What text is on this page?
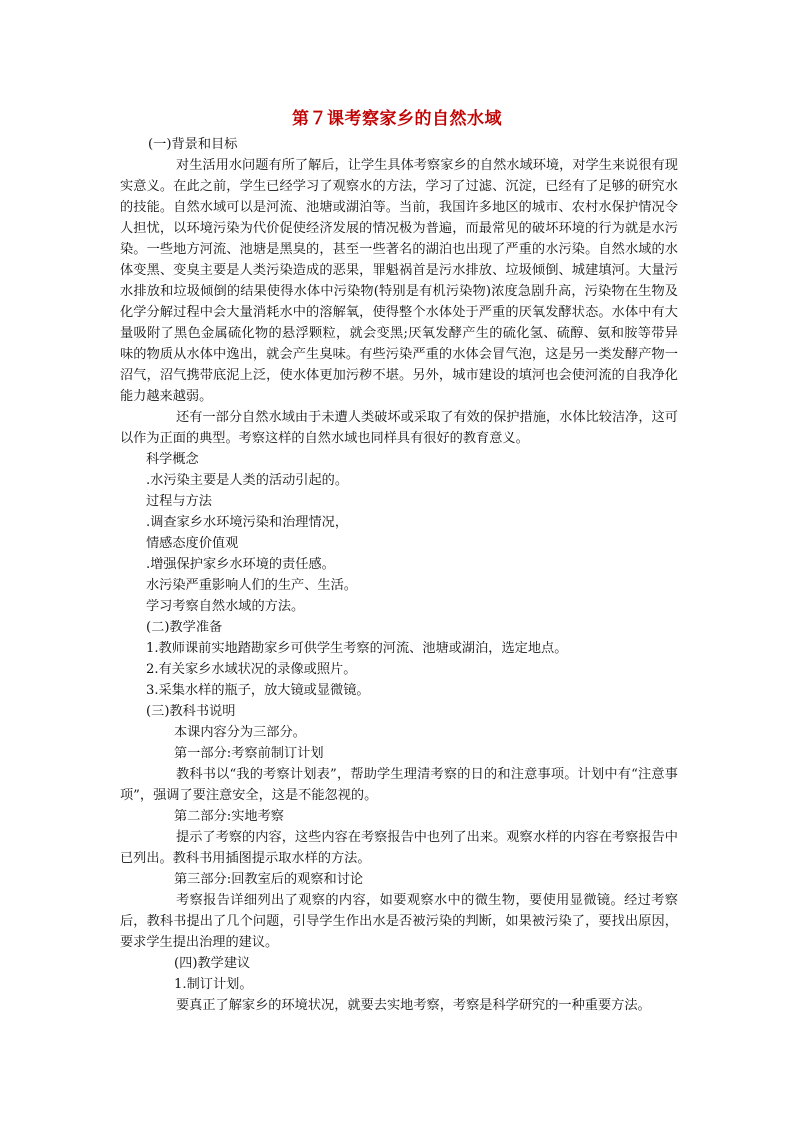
第７课考察家乡的自然水域

(一)背景和目标

对生活用水问题有所了解后，让学生具体考察家乡的自然水域环境，对学生来说很有现实意义。在此之前，学生已经学习了观察水的方法，学习了过滤、沉淀，已经有了足够的研究水的技能。自然水域可以是河流、池塘或湖泊等。当前，我国许多地区的城市、农村水保护情况令人担忧，以环境污染为代价促使经济发展的情况极为普遍，而最常见的破坏环境的行为就是水污染。一些地方河流、池塘是黑臭的，甚至一些著名的湖泊也出现了严重的水污染。自然水域的水体变黑、变臭主要是人类污染造成的恶果，罪魁祸首是污水排放、垃圾倾倒、城建填河。大量污水排放和垃圾倾倒的结果使得水体中污染物(特别是有机污染物)浓度急剧升高，污染物在生物及化学分解过程中会大量消耗水中的溶解氧，使得整个水体处于严重的厌氧发酵状态。水体中有大量吸附了黑色金属硫化物的悬浮颗粒，就会变黑;厌氧发酵产生的硫化氢、硫醇、氨和胺等带异味的物质从水体中逸出，就会产生臭味。有些污染严重的水体会冒气泡，这是另一类发酵产物一沼气，沼气携带底泥上泛，使水体更加污秽不堪。另外，城市建设的填河也会使河流的自我净化能力越来越弱。

还有一部分自然水域由于未遭人类破坏或采取了有效的保护措施，水体比较洁净，这可以作为正面的典型。考察这样的自然水域也同样具有很好的教育意义。

科学概念

.水污染主要是人类的活动引起的。

过程与方法

.调查家乡水环境污染和治理情况，

情感态度价值观

.增强保护家乡水环境的责任感。

水污染严重影响人们的生产、生活。

学习考察自然水域的方法。

(二)教学准备

1.教师课前实地踏勘家乡可供学生考察的河流、池塘或湖泊，选定地点。

2.有关家乡水域状况的录像或照片。

3.采集水样的瓶子，放大镜或显微镜。

(三)教科书说明

本课内容分为三部分。

第一部分:考察前制订计划

教科书以“我的考察计划表”，帮助学生理清考察的日的和注意事项。计划中有“注意事项”，强调了要注意安全，这是不能忽视的。

第二部分:实地考察

提示了考察的内容，这些内容在考察报告中也列了出来。观察水样的内容在考察报告中已列出。教科书用插图提示取水样的方法。

第三部分:回教室后的观察和讨论

考察报告详细列出了观察的内容，如要观察水中的微生物，要使用显微镜。经过考察后，教科书提出了几个问题，引导学生作出水是否被污染的判断，如果被污染了，要找出原因，要求学生提出治理的建议。

(四)教学建议

1.制订计划。

要真正了解家乡的环境状况，就要去实地考察，考察是科学研究的一种重要方法。
